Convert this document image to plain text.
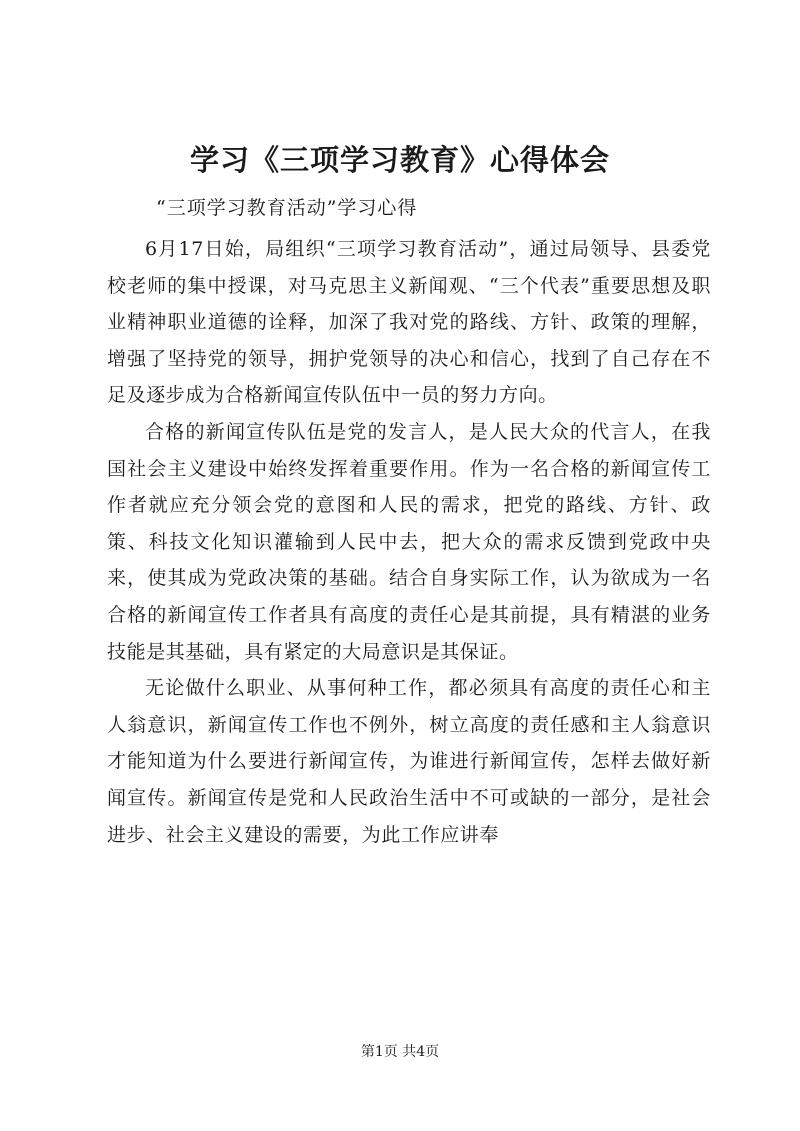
学习《三项学习教育》心得体会

“三项学习教育活动”学习心得

6月17日始，局组织“三项学习教育活动”，通过局领导、县委党校老师的集中授课，对马克思主义新闻观、“三个代表”重要思想及职业精神职业道德的诠释，加深了我对党的路线、方针、政策的理解，增强了坚持党的领导，拥护党领导的决心和信心，找到了自己存在不足及逐步成为合格新闻宣传队伍中一员的努力方向。

合格的新闻宣传队伍是党的发言人，是人民大众的代言人，在我国社会主义建设中始终发挥着重要作用。作为一名合格的新闻宣传工作者就应充分领会党的意图和人民的需求，把党的路线、方针、政策、科技文化知识灌输到人民中去，把大众的需求反馈到党政中央来，使其成为党政决策的基础。结合自身实际工作，认为欲成为一名合格的新闻宣传工作者具有高度的责任心是其前提，具有精湛的业务技能是其基础，具有紧定的大局意识是其保证。

无论做什么职业、从事何种工作，都必须具有高度的责任心和主人翁意识，新闻宣传工作也不例外，树立高度的责任感和主人翁意识才能知道为什么要进行新闻宣传，为谁进行新闻宣传，怎样去做好新闻宣传。新闻宣传是党和人民政治生活中不可或缺的一部分，是社会进步、社会主义建设的需要，为此工作应讲奉

第1页 共4页
